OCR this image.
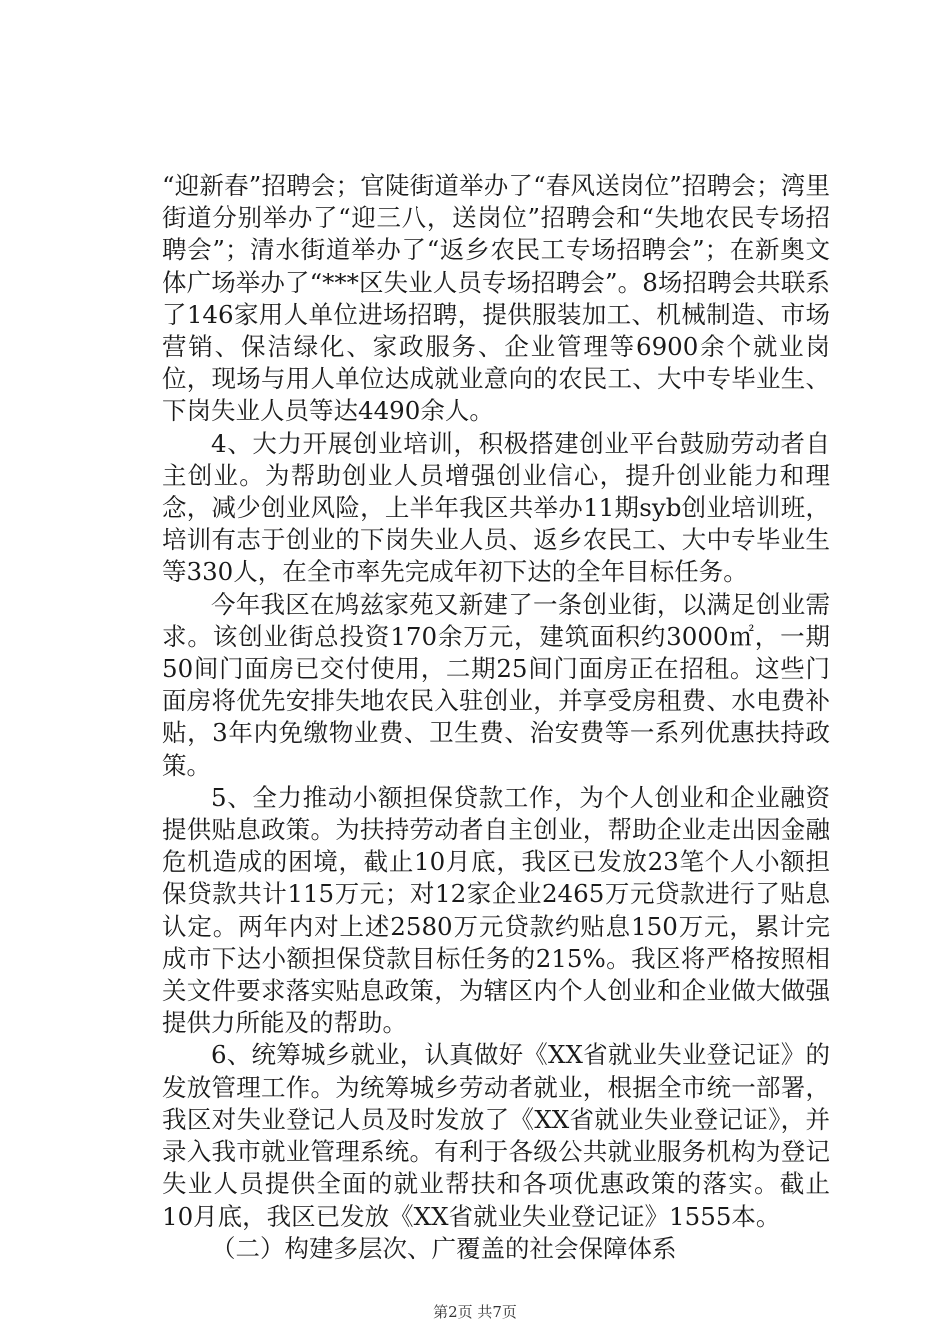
“迎新春”招聘会；官陡街道举办了“春风送岗位”招聘会；湾里街道分别举办了“迎三八，送岗位”招聘会和“失地农民专场招聘会”；清水街道举办了“返乡农民工专场招聘会”；在新奥文体广场举办了“***区失业人员专场招聘会”。8场招聘会共联系了146家用人单位进场招聘，提供服装加工、机械制造、市场营销、保洁绿化、家政服务、企业管理等6900余个就业岗位，现场与用人单位达成就业意向的农民工、大中专毕业生、下岗失业人员等达4490余人。

4、大力开展创业培训，积极搭建创业平台鼓励劳动者自主创业。为帮助创业人员增强创业信心，提升创业能力和理念，减少创业风险，上半年我区共举办11期syb创业培训班，培训有志于创业的下岗失业人员、返乡农民工、大中专毕业生等330人，在全市率先完成年初下达的全年目标任务。

今年我区在鸠兹家苑又新建了一条创业街，以满足创业需求。该创业街总投资170余万元，建筑面积约3000㎡，一期50间门面房已交付使用，二期25间门面房正在招租。这些门面房将优先安排失地农民入驻创业，并享受房租费、水电费补贴，3年内免缴物业费、卫生费、治安费等一系列优惠扶持政策。

5、全力推动小额担保贷款工作，为个人创业和企业融资提供贴息政策。为扶持劳动者自主创业，帮助企业走出因金融危机造成的困境，截止10月底，我区已发放23笔个人小额担保贷款共计115万元；对12家企业2465万元贷款进行了贴息认定。两年内对上述2580万元贷款约贴息150万元，累计完成市下达小额担保贷款目标任务的215%。我区将严格按照相关文件要求落实贴息政策，为辖区内个人创业和企业做大做强提供力所能及的帮助。

6、统筹城乡就业，认真做好《XX省就业失业登记证》的发放管理工作。为统筹城乡劳动者就业，根据全市统一部署，我区对失业登记人员及时发放了《XX省就业失业登记证》，并录入我市就业管理系统。有利于各级公共就业服务机构为登记失业人员提供全面的就业帮扶和各项优惠政策的落实。截止10月底，我区已发放《XX省就业失业登记证》1555本。

（二）构建多层次、广覆盖的社会保障体系

第2页 共7页
